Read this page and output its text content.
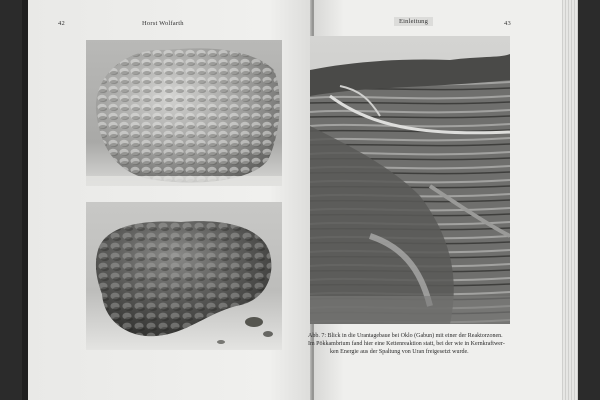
42	Horst Wolfarth	Einleitung	43
Abb. 7: Blick in die Urantagebaue bei Oklo (Gabun) mit einer der Reaktorzonen.
Im Pökkambrium fand hier eine Kettenreaktion statt, bei der wie in Kernkraftwer-
ken Energie aus der Spaltung von Uran freigesetzt wurde.
